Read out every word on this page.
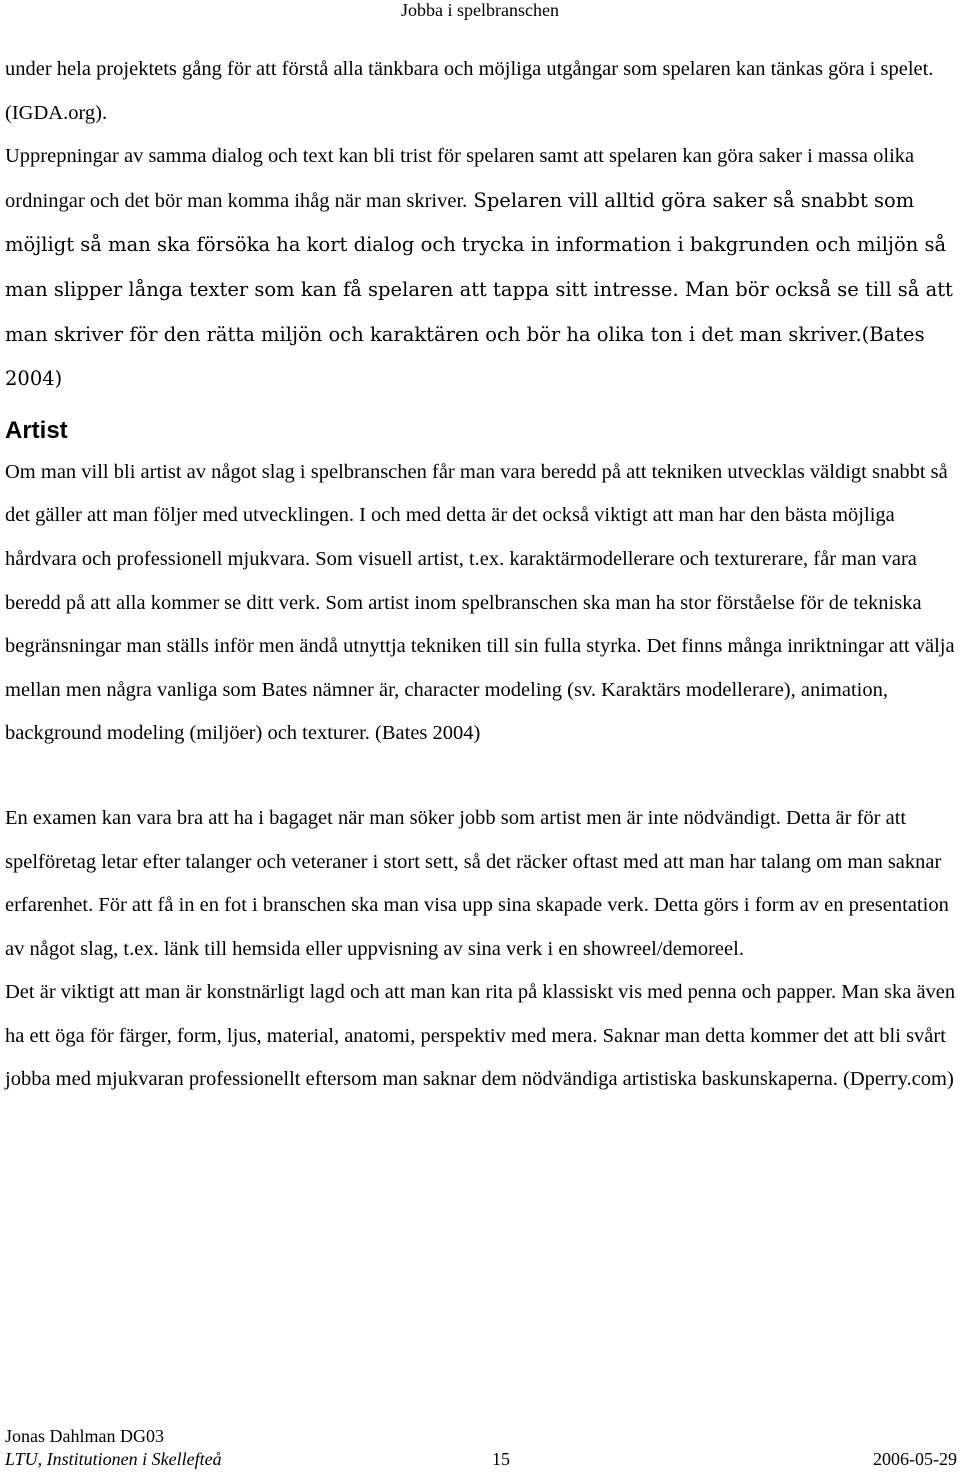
Jobba i spelbranschen

under hela projektets gång för att förstå alla tänkbara och möjliga utgångar som spelaren kan tänkas göra i spelet. (IGDA.org).

Upprepningar av samma dialog och text kan bli trist för spelaren samt att spelaren kan göra saker i massa olika ordningar och det bör man komma ihåg när man skriver. Spelaren vill alltid göra saker så snabbt som möjligt så man ska försöka ha kort dialog och trycka in information i bakgrunden och miljön så man slipper långa texter som kan få spelaren att tappa sitt intresse. Man bör också se till så att man skriver för den rätta miljön och karaktären och bör ha olika ton i det man skriver.(Bates 2004)

Artist

Om man vill bli artist av något slag i spelbranschen får man vara beredd på att tekniken utvecklas väldigt snabbt så det gäller att man följer med utvecklingen. I och med detta är det också viktigt att man har den bästa möjliga hårdvara och professionell mjukvara. Som visuell artist, t.ex. karaktärmodellerare och texturerare, får man vara beredd på att alla kommer se ditt verk. Som artist inom spelbranschen ska man ha stor förståelse för de tekniska begränsningar man ställs inför men ändå utnyttja tekniken till sin fulla styrka. Det finns många inriktningar att välja mellan men några vanliga som Bates nämner är, character modeling (sv. Karaktärs modellerare), animation, background modeling (miljöer) och texturer. (Bates 2004)

En examen kan vara bra att ha i bagaget när man söker jobb som artist men är inte nödvändigt. Detta är för att spelföretag letar efter talanger och veteraner i stort sett, så det räcker oftast med att man har talang om man saknar erfarenhet. För att få in en fot i branschen ska man visa upp sina skapade verk. Detta görs i form av en presentation av något slag, t.ex. länk till hemsida eller uppvisning av sina verk i en showreel/demoreel.

Det är viktigt att man är konstnärligt lagd och att man kan rita på klassiskt vis med penna och papper. Man ska även ha ett öga för färger, form, ljus, material, anatomi, perspektiv med mera. Saknar man detta kommer det att bli svårt jobba med mjukvaran professionellt eftersom man saknar dem nödvändiga artistiska baskunskaperna. (Dperry.com)

Jonas Dahlman DG03
LTU, Institutionen i Skellefteå	15	2006-05-29
